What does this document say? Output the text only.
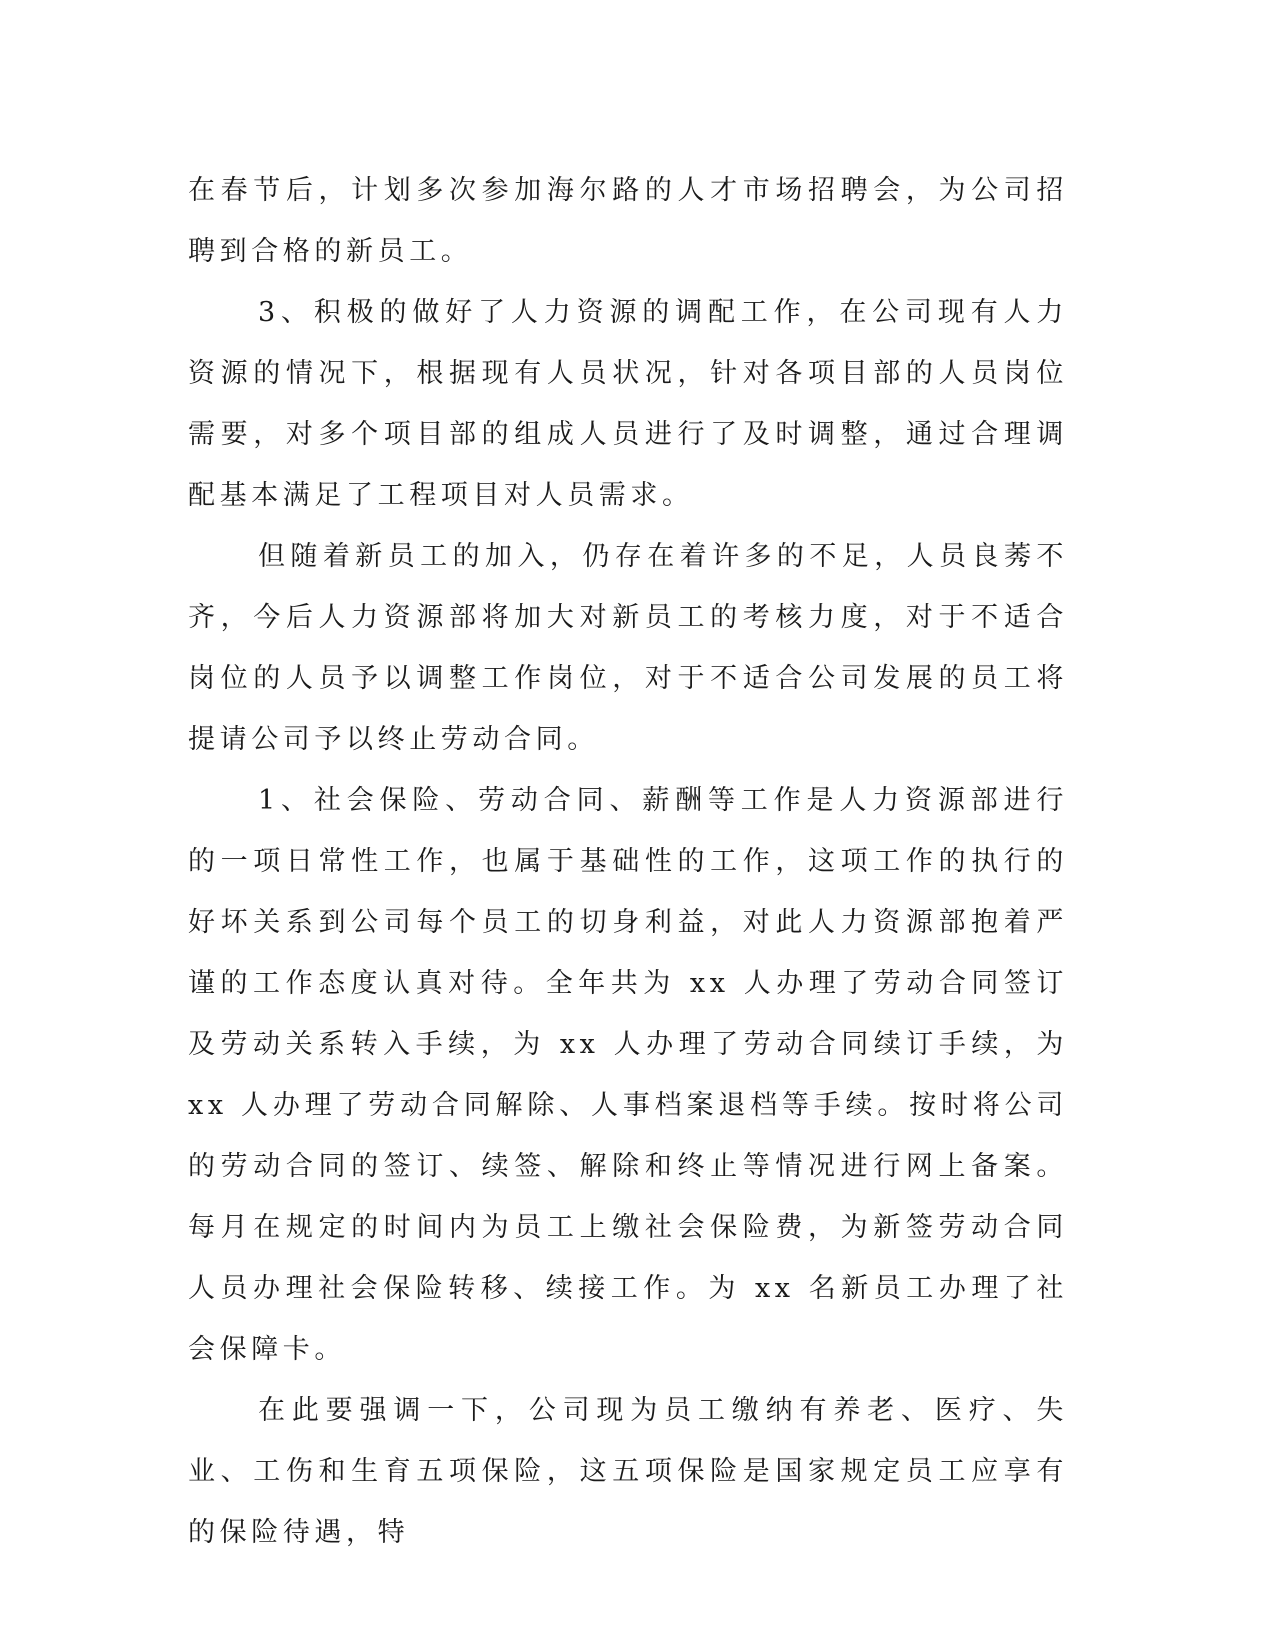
在春节后，计划多次参加海尔路的人才市场招聘会，为公司招聘到合格的新员工。

3、积极的做好了人力资源的调配工作，在公司现有人力资源的情况下，根据现有人员状况，针对各项目部的人员岗位需要，对多个项目部的组成人员进行了及时调整，通过合理调配基本满足了工程项目对人员需求。

但随着新员工的加入，仍存在着许多的不足，人员良莠不齐，今后人力资源部将加大对新员工的考核力度，对于不适合岗位的人员予以调整工作岗位，对于不适合公司发展的员工将提请公司予以终止劳动合同。

1、社会保险、劳动合同、薪酬等工作是人力资源部进行的一项日常性工作，也属于基础性的工作，这项工作的执行的好坏关系到公司每个员工的切身利益，对此人力资源部抱着严谨的工作态度认真对待。全年共为 xx 人办理了劳动合同签订及劳动关系转入手续，为 xx 人办理了劳动合同续订手续，为 xx 人办理了劳动合同解除、人事档案退档等手续。按时将公司的劳动合同的签订、续签、解除和终止等情况进行网上备案。每月在规定的时间内为员工上缴社会保险费，为新签劳动合同人员办理社会保险转移、续接工作。为 xx 名新员工办理了社会保障卡。

在此要强调一下，公司现为员工缴纳有养老、医疗、失业、工伤和生育五项保险，这五项保险是国家规定员工应享有的保险待遇，特
